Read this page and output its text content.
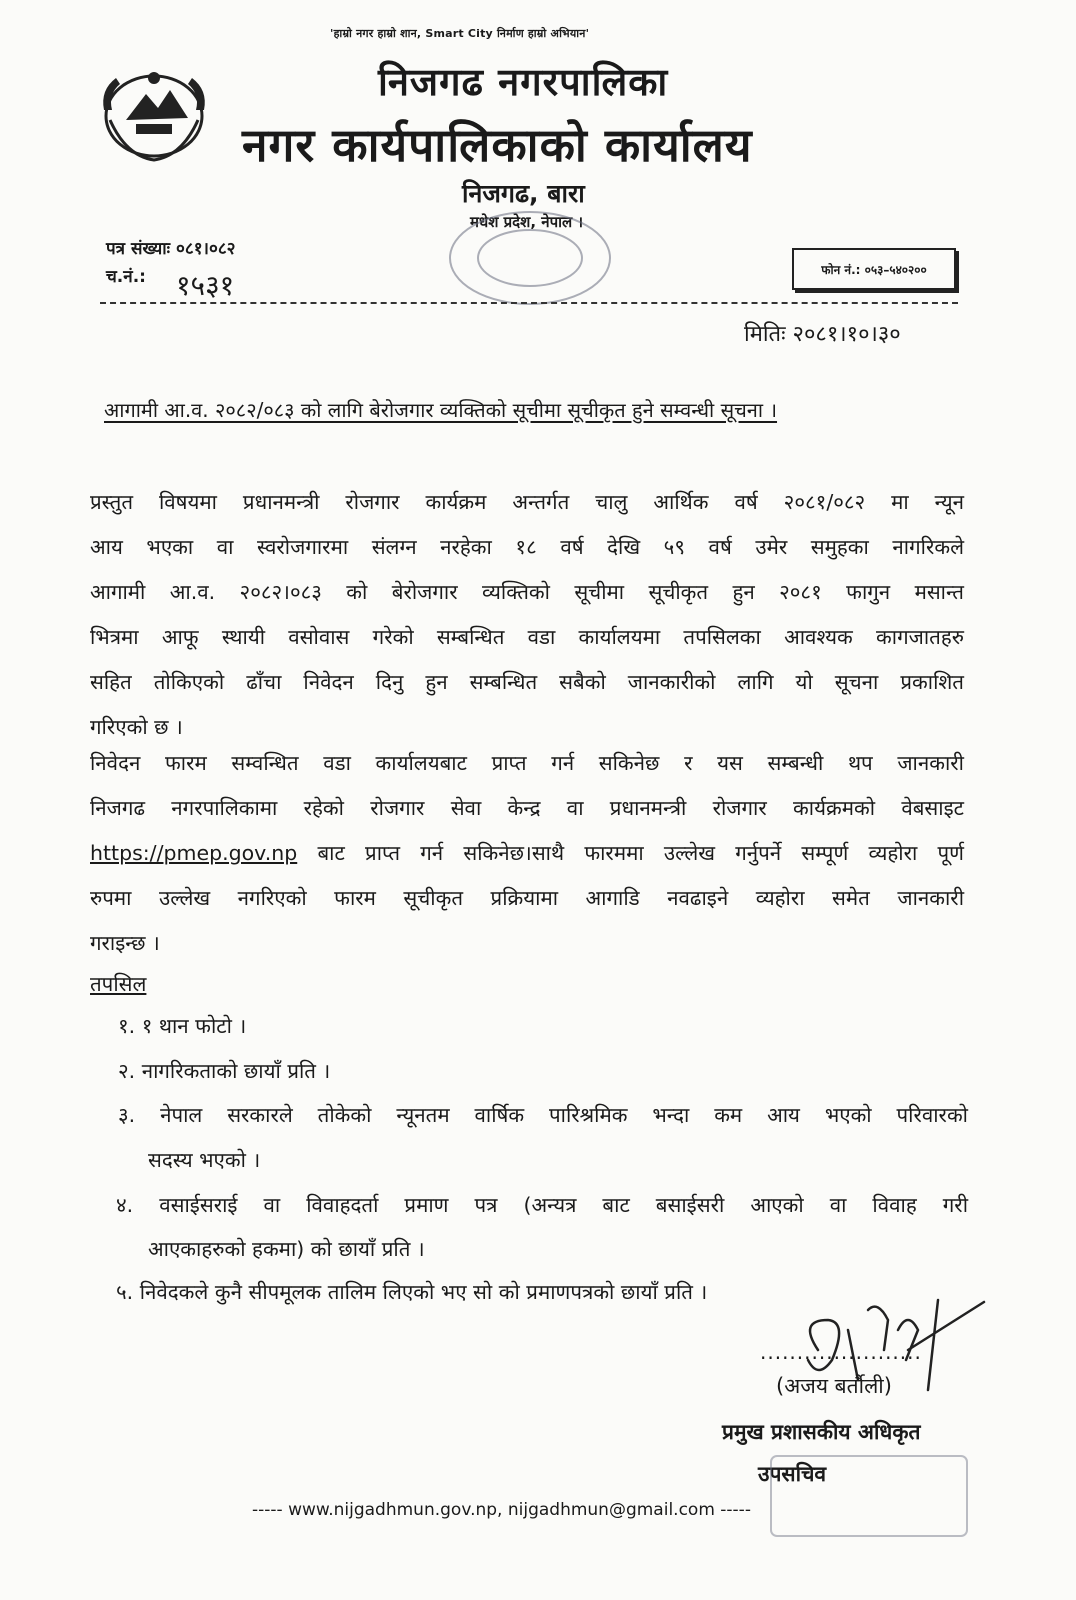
'हाम्रो नगर हाम्रो शान, Smart City निर्माण हाम्रो अभियान'
निजगढ नगरपालिका
नगर कार्यपालिकाको कार्यालय
निजगढ, बारा
मधेश प्रदेश, नेपाल ।
पत्र संख्याः ०८१।०८२
च.नं.: १५३१	फोन नं.: ०५३–५४०२००
मितिः २०८१।१०।३०
आगामी आ.व. २०८२/०८३ को लागि बेरोजगार व्यक्तिको सूचीमा सूचीकृत हुने सम्वन्धी सूचना ।
प्रस्तुत विषयमा प्रधानमन्त्री रोजगार कार्यक्रम अन्तर्गत चालु आर्थिक वर्ष २०८१/०८२ मा न्यून
आय भएका वा स्वरोजगारमा संलग्न नरहेका १८ वर्ष देखि ५९ वर्ष उमेर समुहका नागरिकले
आगामी आ.व. २०८२।०८३ को बेरोजगार व्यक्तिको सूचीमा सूचीकृत हुन २०८१ फागुन मसान्त
भित्रमा आफू स्थायी वसोवास गरेको सम्बन्धित वडा कार्यालयमा तपसिलका आवश्यक कागजातहरु
सहित तोकिएको ढाँचा निवेदन दिनु हुन सम्बन्धित सबैको जानकारीको लागि यो सूचना प्रकाशित
गरिएको छ ।
निवेदन फारम सम्वन्धित वडा कार्यालयबाट प्राप्त गर्न सकिनेछ र यस सम्बन्धी थप जानकारी
निजगढ नगरपालिकामा रहेको रोजगार सेवा केन्द्र वा प्रधानमन्त्री रोजगार कार्यक्रमको वेबसाइट
https://pmep.gov.np बाट प्राप्त गर्न सकिनेछ।साथै फारममा उल्लेख गर्नुपर्ने सम्पूर्ण व्यहोरा पूर्ण
रुपमा उल्लेख नगरिएको फारम सूचीकृत प्रक्रियामा आगाडि नवढाइने व्यहोरा समेत जानकारी
गराइन्छ ।
तपसिल
१. १ थान फोटो ।
२. नागरिकताको छायाँ प्रति ।
३. नेपाल सरकारले तोकेको न्यूनतम वार्षिक पारिश्रमिक भन्दा कम आय भएको परिवारको
सदस्य भएको ।
४. वसाईसराई वा विवाहदर्ता प्रमाण पत्र (अन्यत्र बाट बसाईसरी आएको वा विवाह गरी
आएकाहरुको हकमा) को छायाँ प्रति ।
५. निवेदकले कुनै सीपमूलक तालिम लिएको भए सो को प्रमाणपत्रको छायाँ प्रति ।
......................
(अजय बर्तौली)
प्रमुख प्रशासकीय अधिकृत
उपसचिव
----- www.nijgadhmun.gov.np, nijgadhmun@gmail.com -----
